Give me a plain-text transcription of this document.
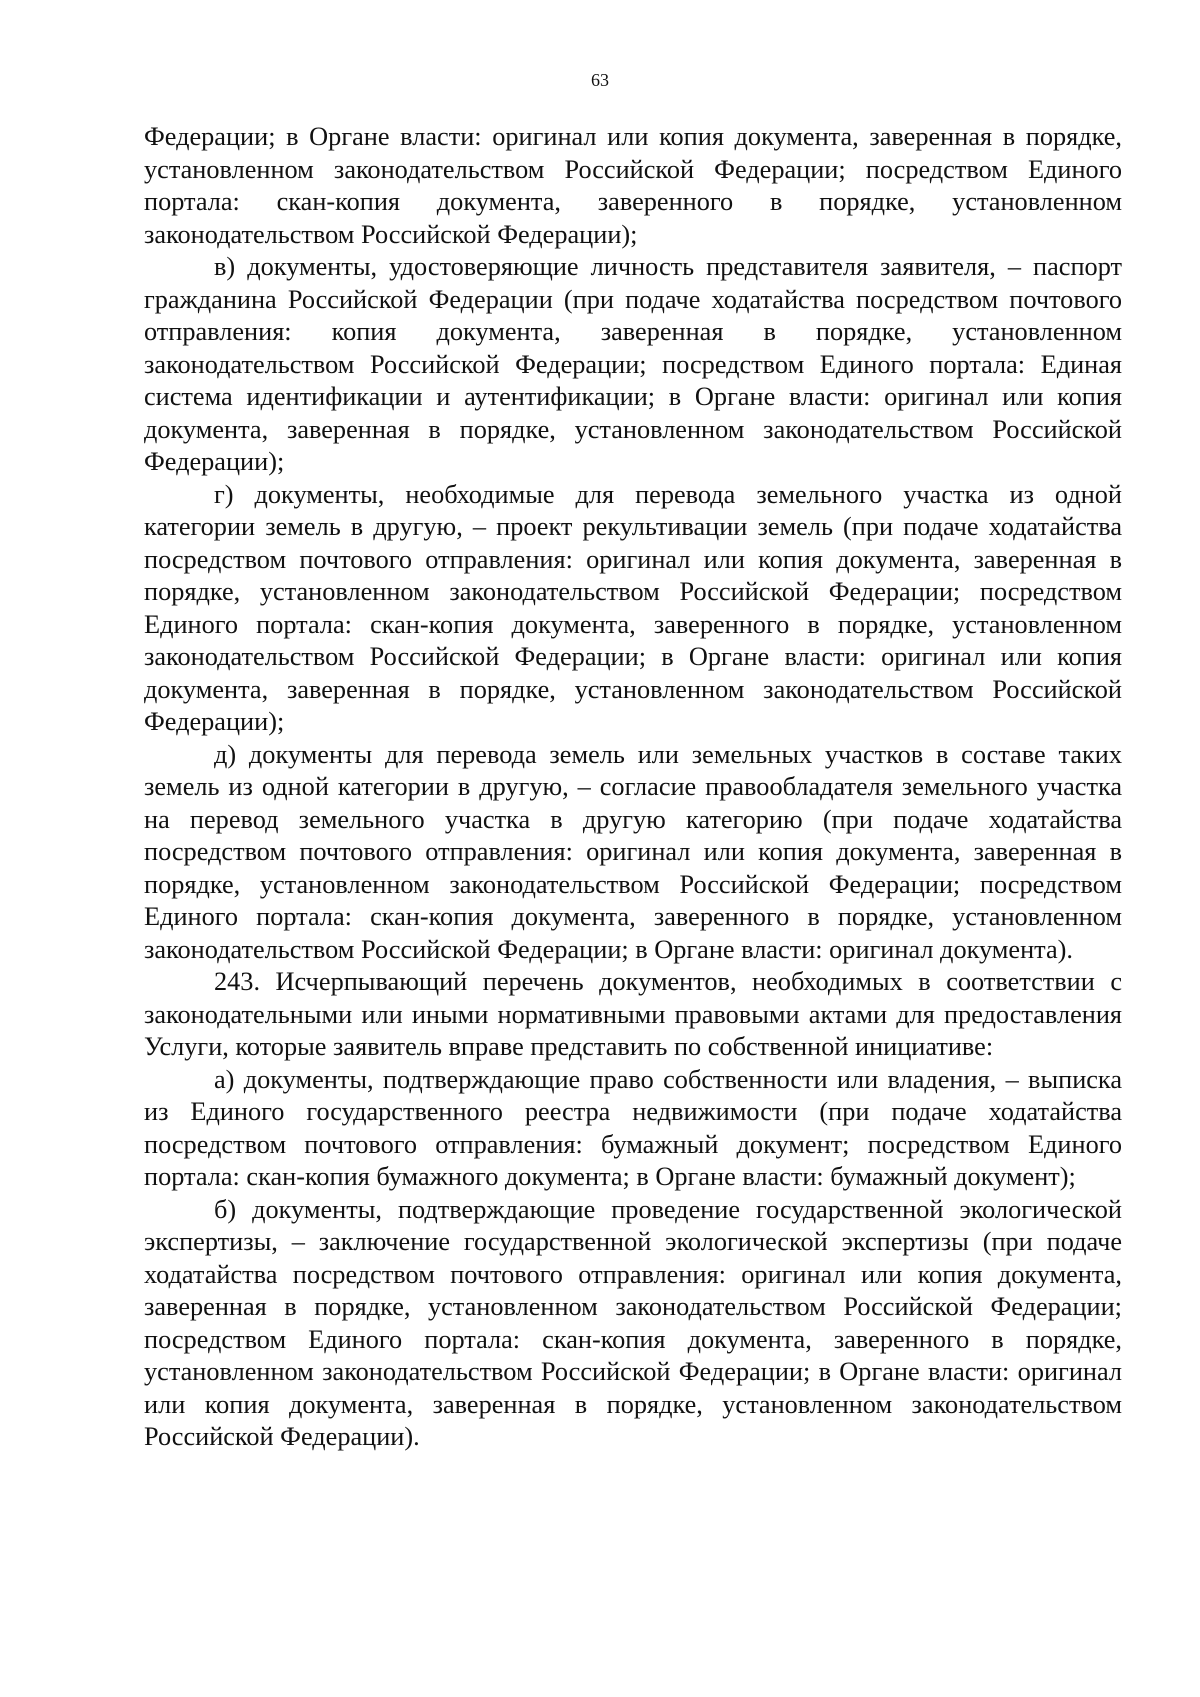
63

Федерации; в Органе власти: оригинал или копия документа, заверенная в порядке, установленном законодательством Российской Федерации; посредством Единого портала: скан-копия документа, заверенного в порядке, установленном законодательством Российской Федерации);

в) документы, удостоверяющие личность представителя заявителя, – паспорт гражданина Российской Федерации (при подаче ходатайства посредством почтового отправления: копия документа, заверенная в порядке, установленном законодательством Российской Федерации; посредством Единого портала: Единая система идентификации и аутентификации; в Органе власти: оригинал или копия документа, заверенная в порядке, установленном законодательством Российской Федерации);

г) документы, необходимые для перевода земельного участка из одной категории земель в другую, – проект рекультивации земель (при подаче ходатайства посредством почтового отправления: оригинал или копия документа, заверенная в порядке, установленном законодательством Российской Федерации; посредством Единого портала: скан-копия документа, заверенного в порядке, установленном законодательством Российской Федерации; в Органе власти: оригинал или копия документа, заверенная в порядке, установленном законодательством Российской Федерации);

д) документы для перевода земель или земельных участков в составе таких земель из одной категории в другую, – согласие правообладателя земельного участка на перевод земельного участка в другую категорию (при подаче ходатайства посредством почтового отправления: оригинал или копия документа, заверенная в порядке, установленном законодательством Российской Федерации; посредством Единого портала: скан-копия документа, заверенного в порядке, установленном законодательством Российской Федерации; в Органе власти: оригинал документа).

243. Исчерпывающий перечень документов, необходимых в соответствии с законодательными или иными нормативными правовыми актами для предоставления Услуги, которые заявитель вправе представить по собственной инициативе:

а) документы, подтверждающие право собственности или владения, – выписка из Единого государственного реестра недвижимости (при подаче ходатайства посредством почтового отправления: бумажный документ; посредством Единого портала: скан-копия бумажного документа; в Органе власти: бумажный документ);

б) документы, подтверждающие проведение государственной экологической экспертизы, – заключение государственной экологической экспертизы (при подаче ходатайства посредством почтового отправления: оригинал или копия документа, заверенная в порядке, установленном законодательством Российской Федерации; посредством Единого портала: скан-копия документа, заверенного в порядке, установленном законодательством Российской Федерации; в Органе власти: оригинал или копия документа, заверенная в порядке, установленном законодательством Российской Федерации).
